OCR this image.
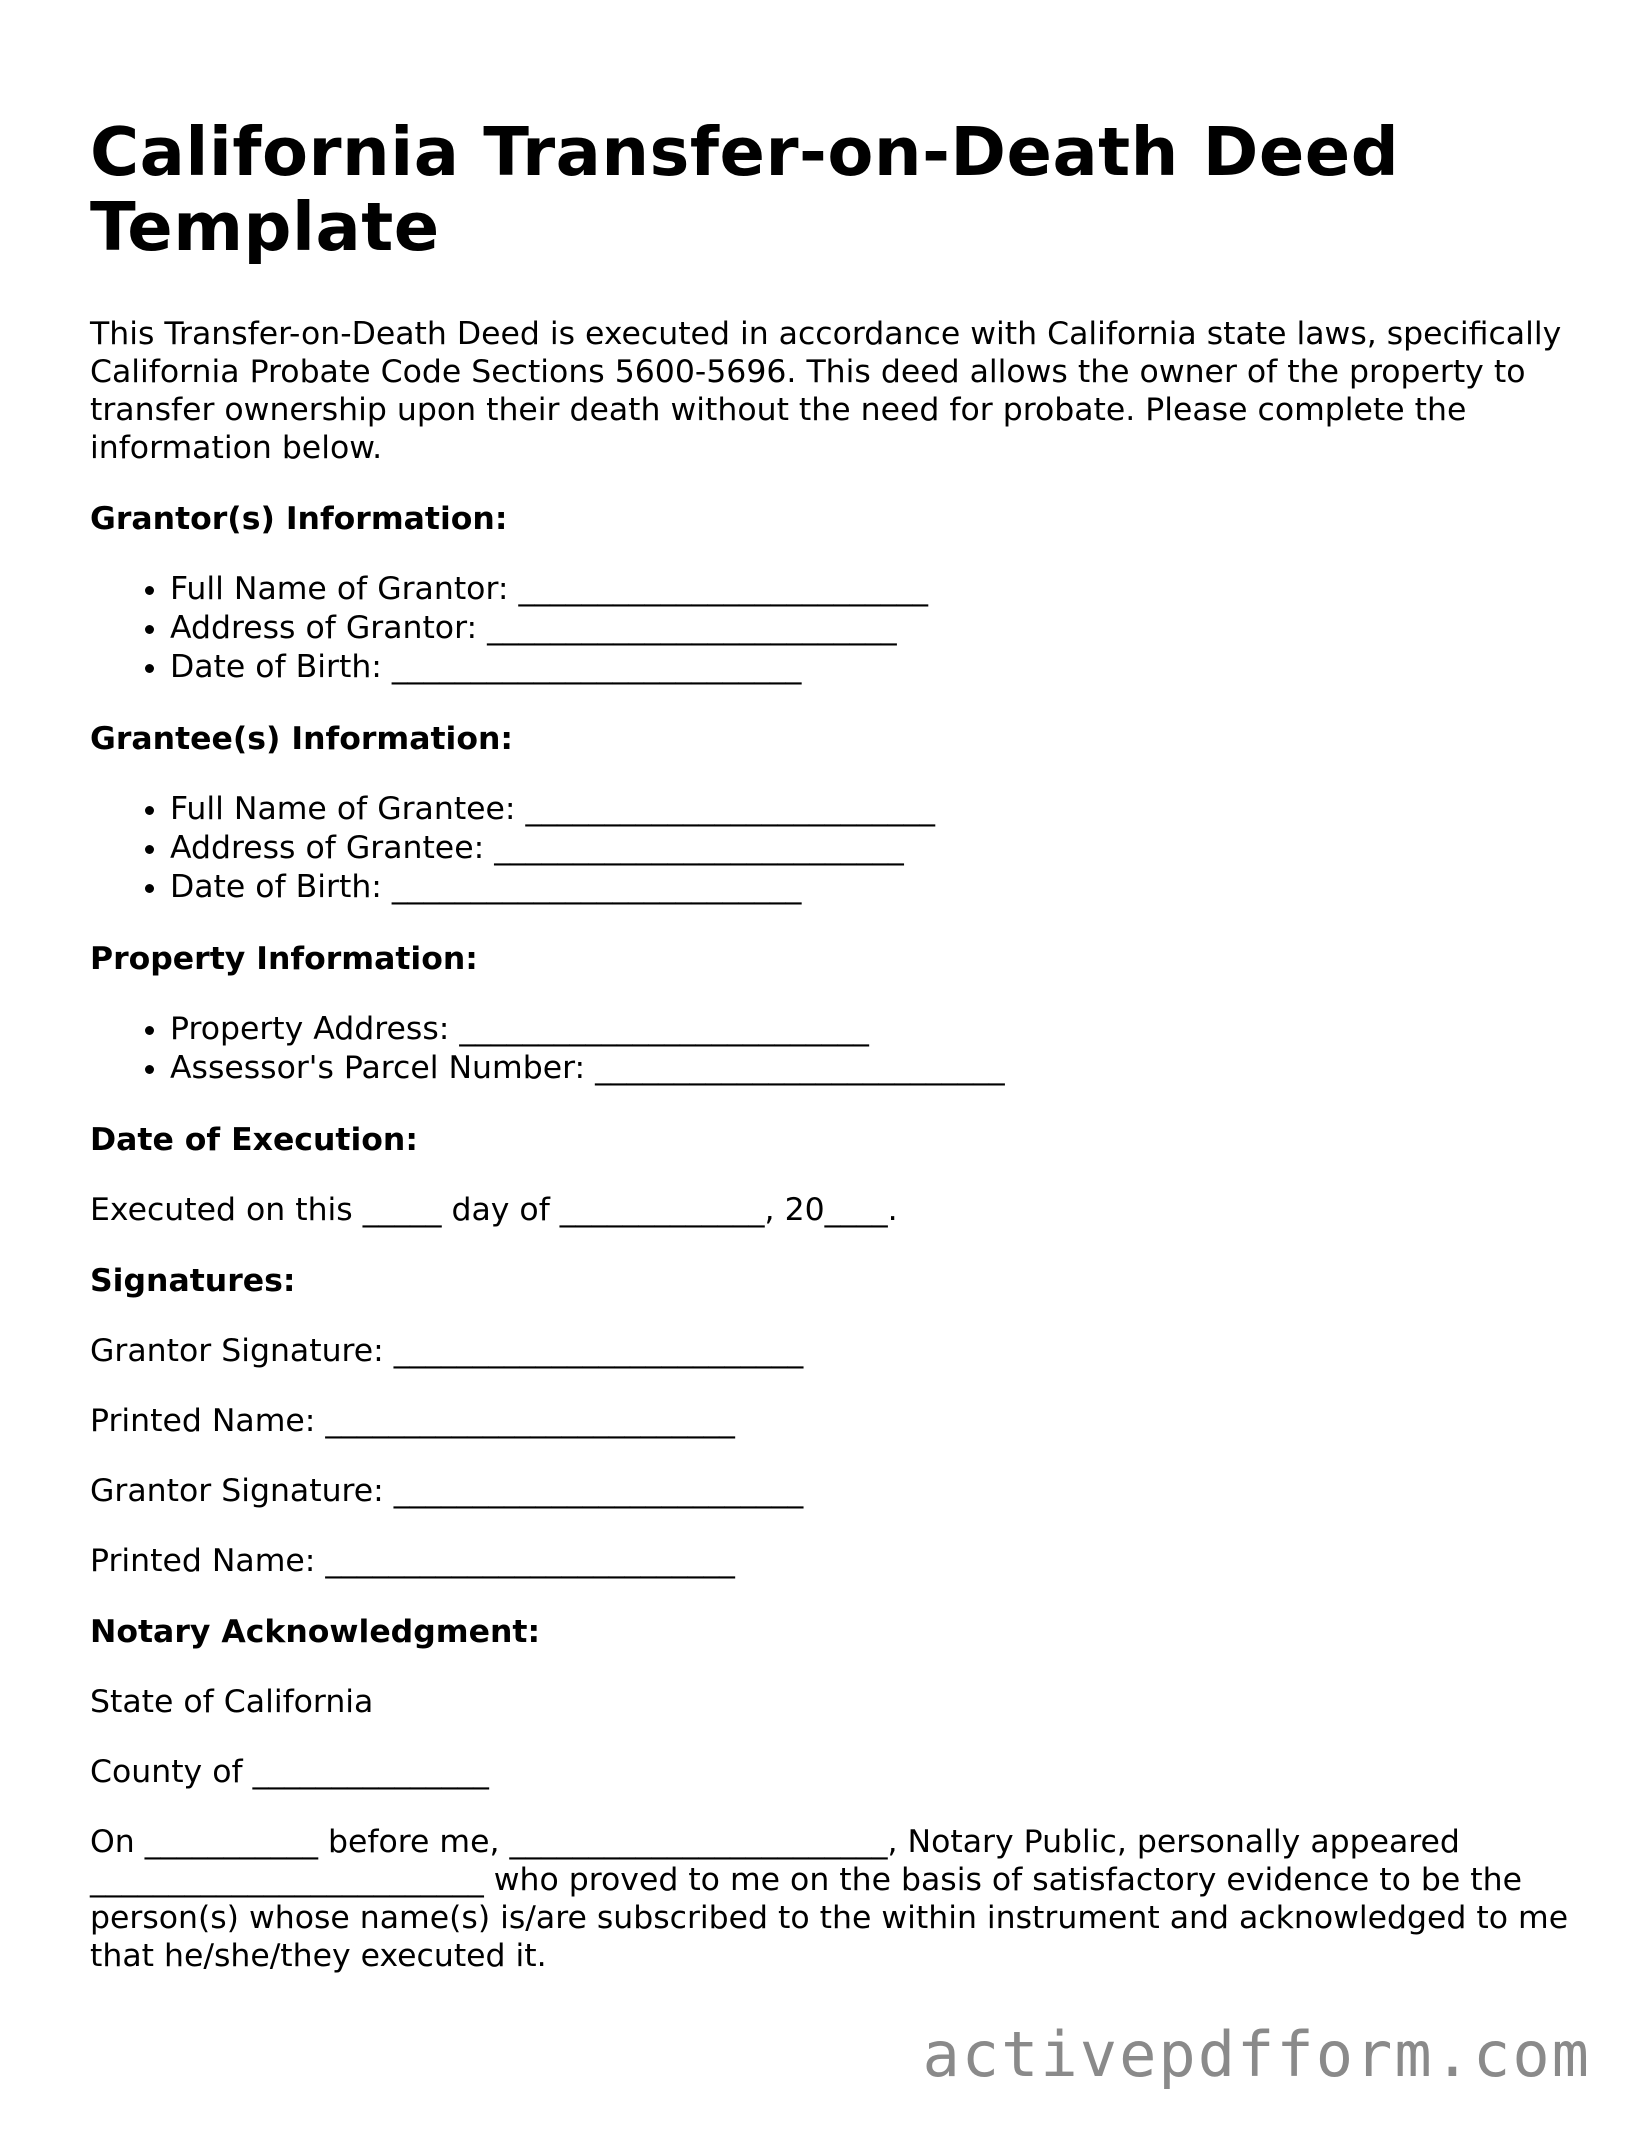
California Transfer-on-Death Deed Template

This Transfer-on-Death Deed is executed in accordance with California state laws, specifically California Probate Code Sections 5600-5696. This deed allows the owner of the property to transfer ownership upon their death without the need for probate. Please complete the information below.

Grantor(s) Information:
• Full Name of Grantor: __________________________
• Address of Grantor: __________________________
• Date of Birth: __________________________
Grantee(s) Information:
• Full Name of Grantee: __________________________
• Address of Grantee: __________________________
• Date of Birth: __________________________
Property Information:
• Property Address: __________________________
• Assessor's Parcel Number: __________________________
Date of Execution:

Executed on this _____ day of _____________, 20____.

Signatures:

Grantor Signature: __________________________

Printed Name: __________________________

Grantor Signature: __________________________

Printed Name: __________________________

Notary Acknowledgment:

State of California

County of _______________

On ___________ before me, ________________________, Notary Public, personally appeared _________________________ who proved to me on the basis of satisfactory evidence to be the person(s) whose name(s) is/are subscribed to the within instrument and acknowledged to me that he/she/they executed it.

activepdfform.com
